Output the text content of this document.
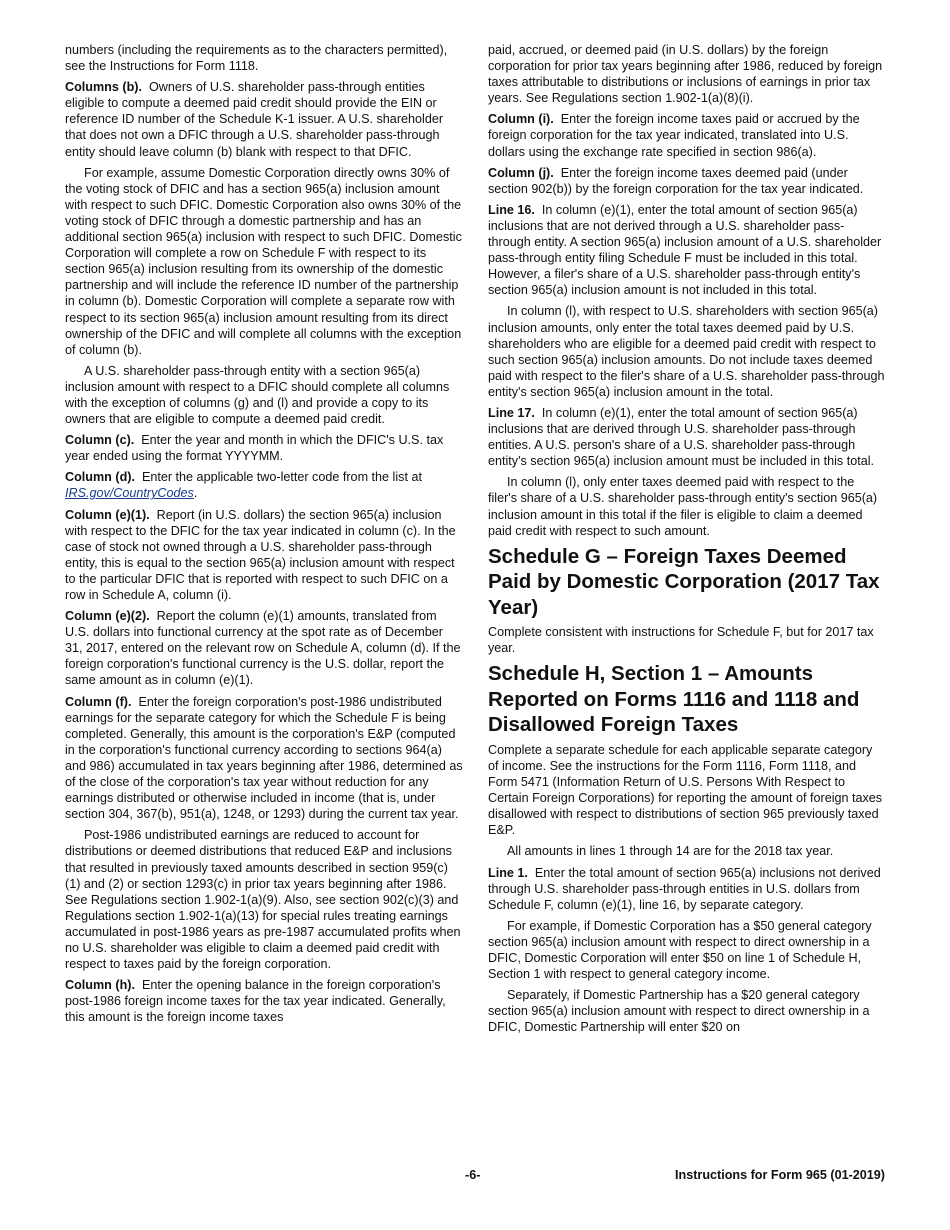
numbers (including the requirements as to the characters permitted), see the Instructions for Form 1118.

Columns (b). Owners of U.S. shareholder pass-through entities eligible to compute a deemed paid credit should provide the EIN or reference ID number of the Schedule K-1 issuer. A U.S. shareholder that does not own a DFIC through a U.S. shareholder pass-through entity should leave column (b) blank with respect to that DFIC.

For example, assume Domestic Corporation directly owns 30% of the voting stock of DFIC and has a section 965(a) inclusion amount with respect to such DFIC. Domestic Corporation also owns 30% of the voting stock of DFIC through a domestic partnership and has an additional section 965(a) inclusion with respect to such DFIC. Domestic Corporation will complete a row on Schedule F with respect to its section 965(a) inclusion resulting from its ownership of the domestic partnership and will include the reference ID number of the partnership in column (b). Domestic Corporation will complete a separate row with respect to its section 965(a) inclusion amount resulting from its direct ownership of the DFIC and will complete all columns with the exception of column (b).

A U.S. shareholder pass-through entity with a section 965(a) inclusion amount with respect to a DFIC should complete all columns with the exception of columns (g) and (l) and provide a copy to its owners that are eligible to compute a deemed paid credit.

Column (c). Enter the year and month in which the DFIC's U.S. tax year ended using the format YYYYMM.

Column (d). Enter the applicable two-letter code from the list at IRS.gov/CountryCodes.

Column (e)(1). Report (in U.S. dollars) the section 965(a) inclusion with respect to the DFIC for the tax year indicated in column (c). In the case of stock not owned through a U.S. shareholder pass-through entity, this is equal to the section 965(a) inclusion amount with respect to the particular DFIC that is reported with respect to such DFIC on a row in Schedule A, column (i).

Column (e)(2). Report the column (e)(1) amounts, translated from U.S. dollars into functional currency at the spot rate as of December 31, 2017, entered on the relevant row on Schedule A, column (d). If the foreign corporation's functional currency is the U.S. dollar, report the same amount as in column (e)(1).

Column (f). Enter the foreign corporation's post-1986 undistributed earnings for the separate category for which the Schedule F is being completed. Generally, this amount is the corporation's E&P (computed in the corporation's functional currency according to sections 964(a) and 986) accumulated in tax years beginning after 1986, determined as of the close of the corporation's tax year without reduction for any earnings distributed or otherwise included in income (that is, under section 304, 367(b), 951(a), 1248, or 1293) during the current tax year.

Post-1986 undistributed earnings are reduced to account for distributions or deemed distributions that reduced E&P and inclusions that resulted in previously taxed amounts described in section 959(c)(1) and (2) or section 1293(c) in prior tax years beginning after 1986. See Regulations section 1.902-1(a)(9). Also, see section 902(c)(3) and Regulations section 1.902-1(a)(13) for special rules treating earnings accumulated in post-1986 years as pre-1987 accumulated profits when no U.S. shareholder was eligible to claim a deemed paid credit with respect to taxes paid by the foreign corporation.

Column (h). Enter the opening balance in the foreign corporation's post-1986 foreign income taxes for the tax year indicated. Generally, this amount is the foreign income taxes

paid, accrued, or deemed paid (in U.S. dollars) by the foreign corporation for prior tax years beginning after 1986, reduced by foreign taxes attributable to distributions or inclusions of earnings in prior tax years. See Regulations section 1.902-1(a)(8)(i).

Column (i). Enter the foreign income taxes paid or accrued by the foreign corporation for the tax year indicated, translated into U.S. dollars using the exchange rate specified in section 986(a).

Column (j). Enter the foreign income taxes deemed paid (under section 902(b)) by the foreign corporation for the tax year indicated.

Line 16. In column (e)(1), enter the total amount of section 965(a) inclusions that are not derived through a U.S. shareholder pass-through entity. A section 965(a) inclusion amount of a U.S. shareholder pass-through entity filing Schedule F must be included in this total. However, a filer's share of a U.S. shareholder pass-through entity's section 965(a) inclusion amount is not included in this total.

In column (l), with respect to U.S. shareholders with section 965(a) inclusion amounts, only enter the total taxes deemed paid by U.S. shareholders who are eligible for a deemed paid credit with respect to such section 965(a) inclusion amounts. Do not include taxes deemed paid with respect to the filer's share of a U.S. shareholder pass-through entity's section 965(a) inclusion amount in the total.

Line 17. In column (e)(1), enter the total amount of section 965(a) inclusions that are derived through U.S. shareholder pass-through entities. A U.S. person's share of a U.S. shareholder pass-through entity's section 965(a) inclusion amount must be included in this total.

In column (l), only enter taxes deemed paid with respect to the filer's share of a U.S. shareholder pass-through entity's section 965(a) inclusion amount in this total if the filer is eligible to claim a deemed paid credit with respect to such amount.

Schedule G – Foreign Taxes Deemed Paid by Domestic Corporation (2017 Tax Year)

Complete consistent with instructions for Schedule F, but for 2017 tax year.

Schedule H, Section 1 – Amounts Reported on Forms 1116 and 1118 and Disallowed Foreign Taxes

Complete a separate schedule for each applicable separate category of income. See the instructions for the Form 1116, Form 1118, and Form 5471 (Information Return of U.S. Persons With Respect to Certain Foreign Corporations) for reporting the amount of foreign taxes disallowed with respect to distributions of section 965 previously taxed E&P.

All amounts in lines 1 through 14 are for the 2018 tax year.

Line 1. Enter the total amount of section 965(a) inclusions not derived through U.S. shareholder pass-through entities in U.S. dollars from Schedule F, column (e)(1), line 16, by separate category.

For example, if Domestic Corporation has a $50 general category section 965(a) inclusion amount with respect to direct ownership in a DFIC, Domestic Corporation will enter $50 on line 1 of Schedule H, Section 1 with respect to general category income.

Separately, if Domestic Partnership has a $20 general category section 965(a) inclusion amount with respect to direct ownership in a DFIC, Domestic Partnership will enter $20 on

-6-	Instructions for Form 965 (01-2019)
